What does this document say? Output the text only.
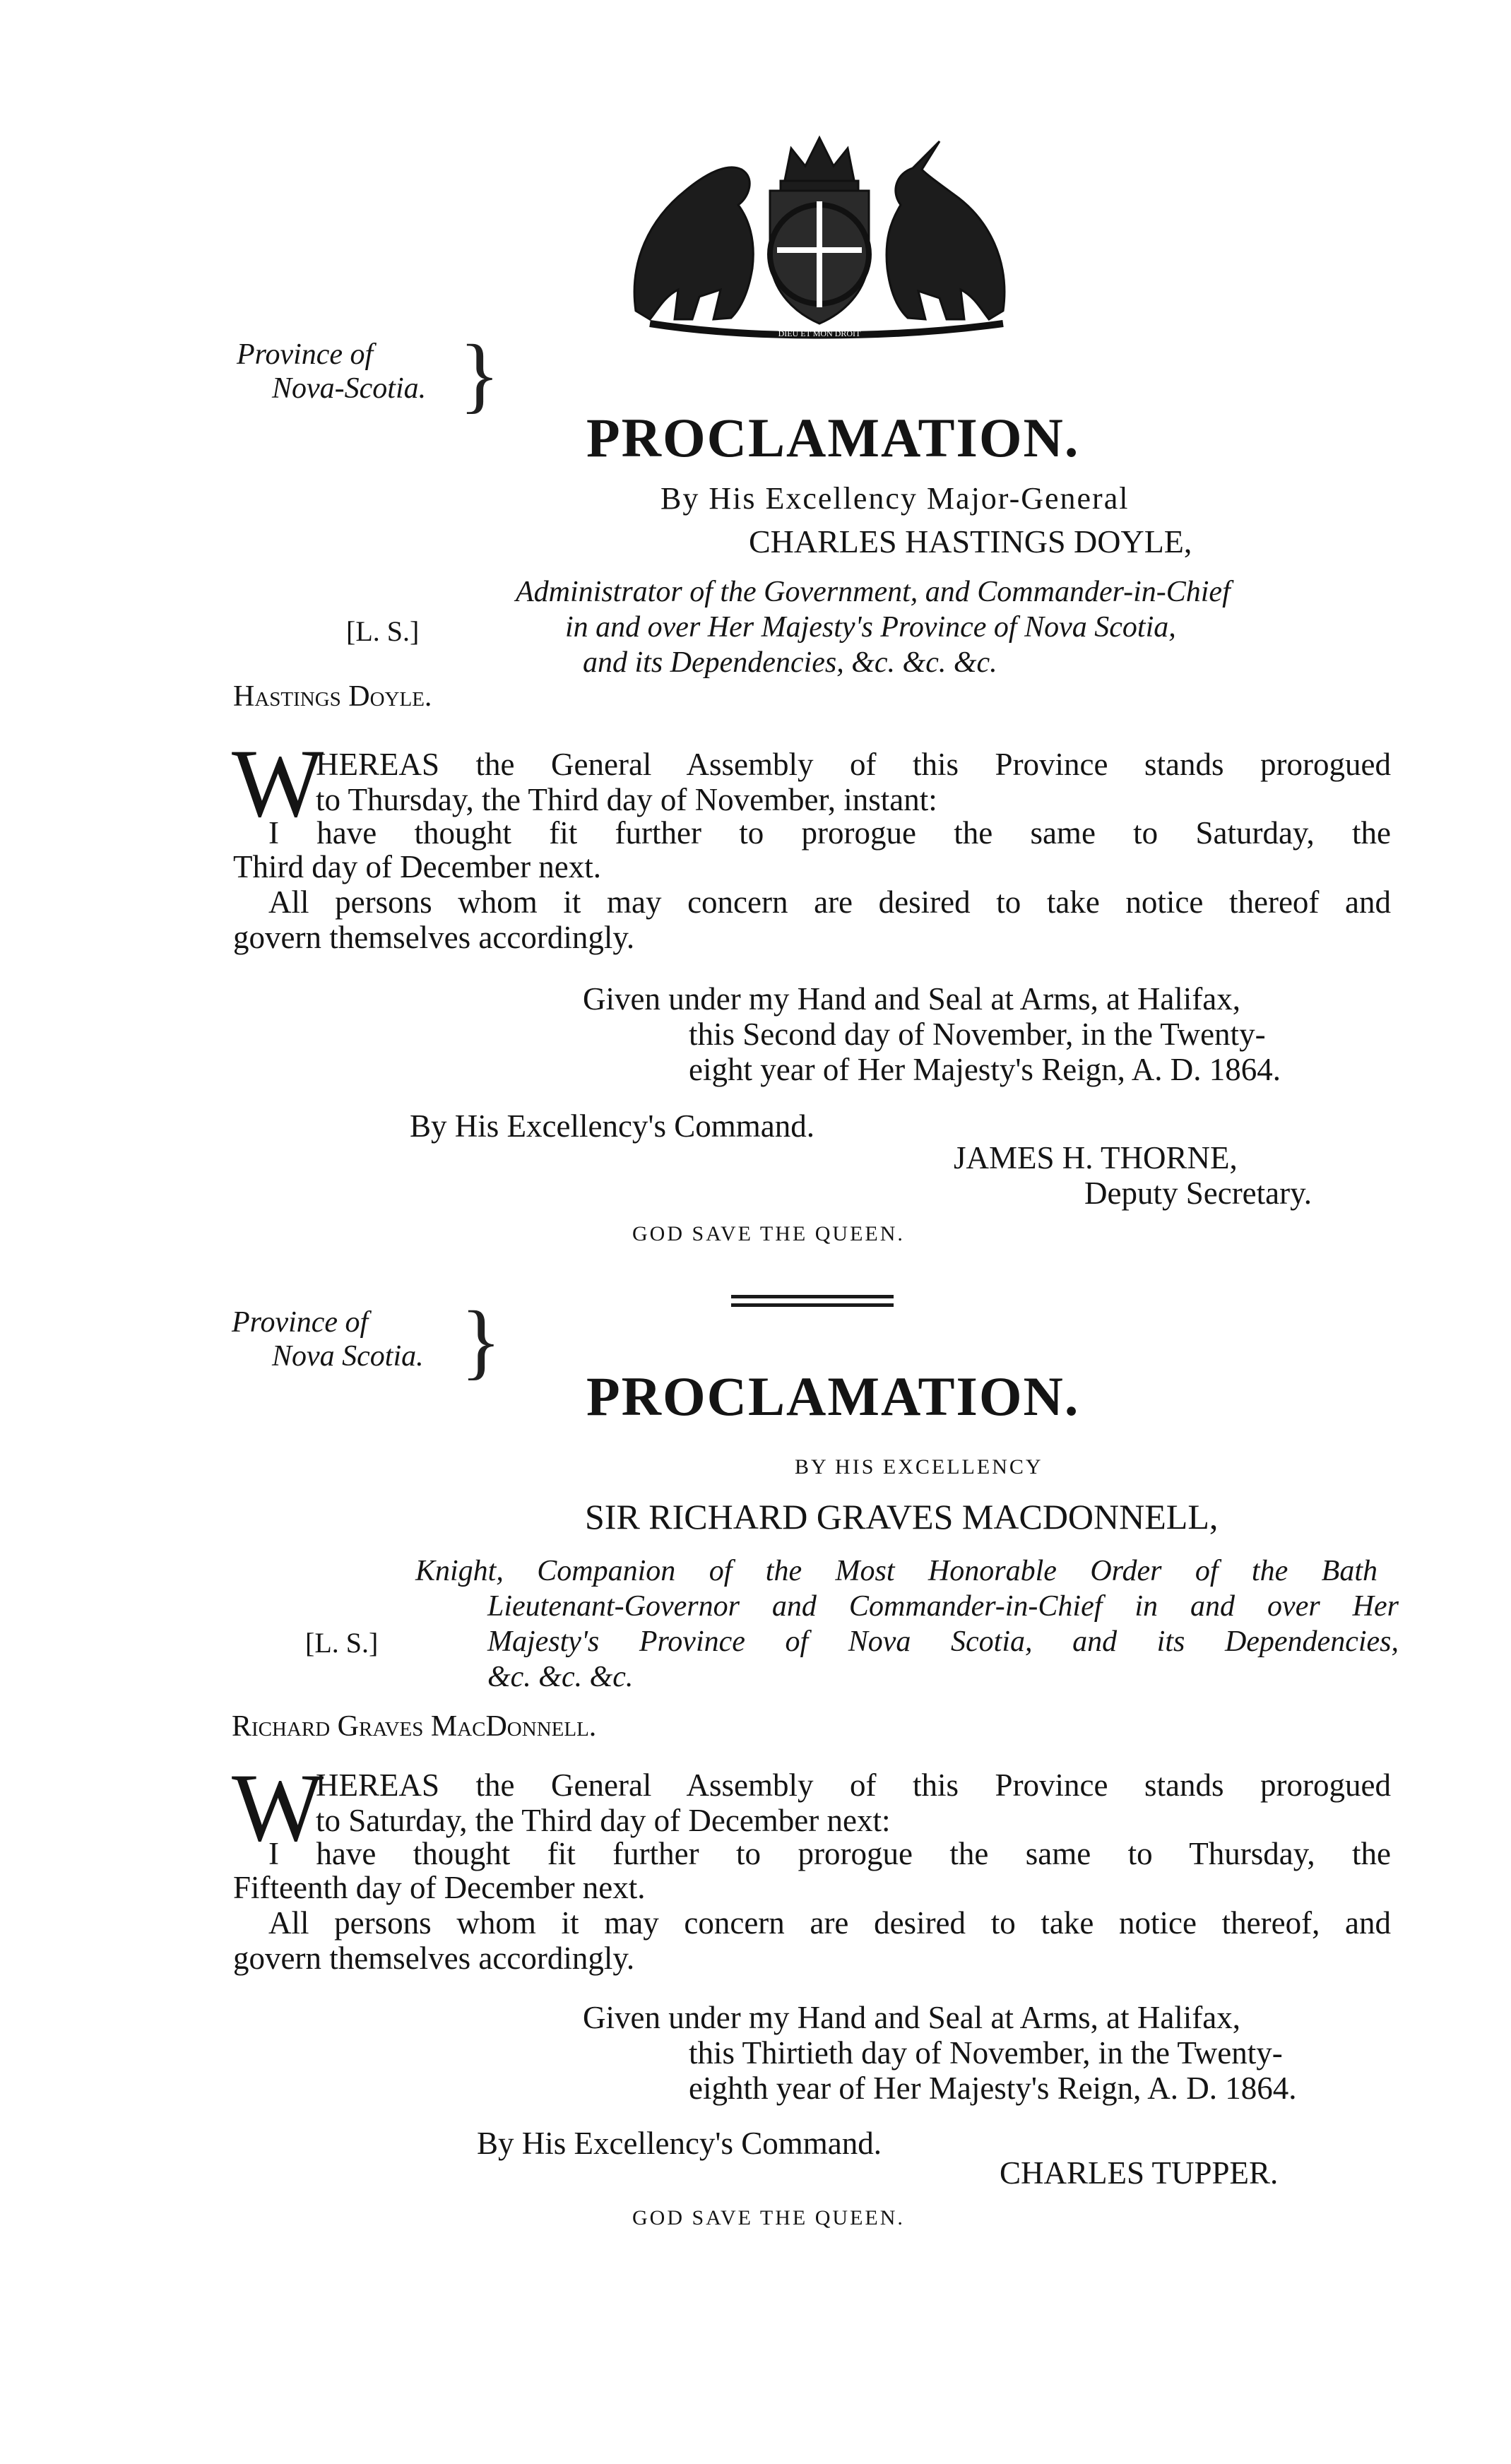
DIEU ET MON DROIT
Province of
Nova-Scotia. }
PROCLAMATION.
By His Excellency Major-General
CHARLES HASTINGS DOYLE,
Administrator of the Government, and Commander-in-Chief
in and over Her Majesty's Province of Nova Scotia,
and its Dependencies, &c. &c. &c.
[L. S.]
Hastings Doyle.
W
HEREAS the General Assembly of this Province stands prorogued
to Thursday, the Third day of November, instant:
I have thought fit further to prorogue the same to Saturday, the
Third day of December next.
All persons whom it may concern are desired to take notice thereof and
govern themselves accordingly.
Given under my Hand and Seal at Arms, at Halifax,
this Second day of November, in the Twenty-
eight year of Her Majesty's Reign, A. D. 1864.
By His Excellency's Command.
JAMES H. THORNE,
Deputy Secretary.
GOD SAVE THE QUEEN.
Province of
Nova Scotia. }
PROCLAMATION.
BY HIS EXCELLENCY
SIR RICHARD GRAVES MACDONNELL,
Knight, Companion of the Most Honorable Order of the Bath
Lieutenant-Governor and Commander-in-Chief in and over Her
Majesty's Province of Nova Scotia, and its Dependencies,
&c. &c. &c.
[L. S.]
Richard Graves MacDonnell.
W
HEREAS the General Assembly of this Province stands prorogued
to Saturday, the Third day of December next:
I have thought fit further to prorogue the same to Thursday, the
Fifteenth day of December next.
All persons whom it may concern are desired to take notice thereof, and
govern themselves accordingly.
Given under my Hand and Seal at Arms, at Halifax,
this Thirtieth day of November, in the Twenty-
eighth year of Her Majesty's Reign, A. D. 1864.
By His Excellency's Command.
CHARLES TUPPER.
GOD SAVE THE QUEEN.
